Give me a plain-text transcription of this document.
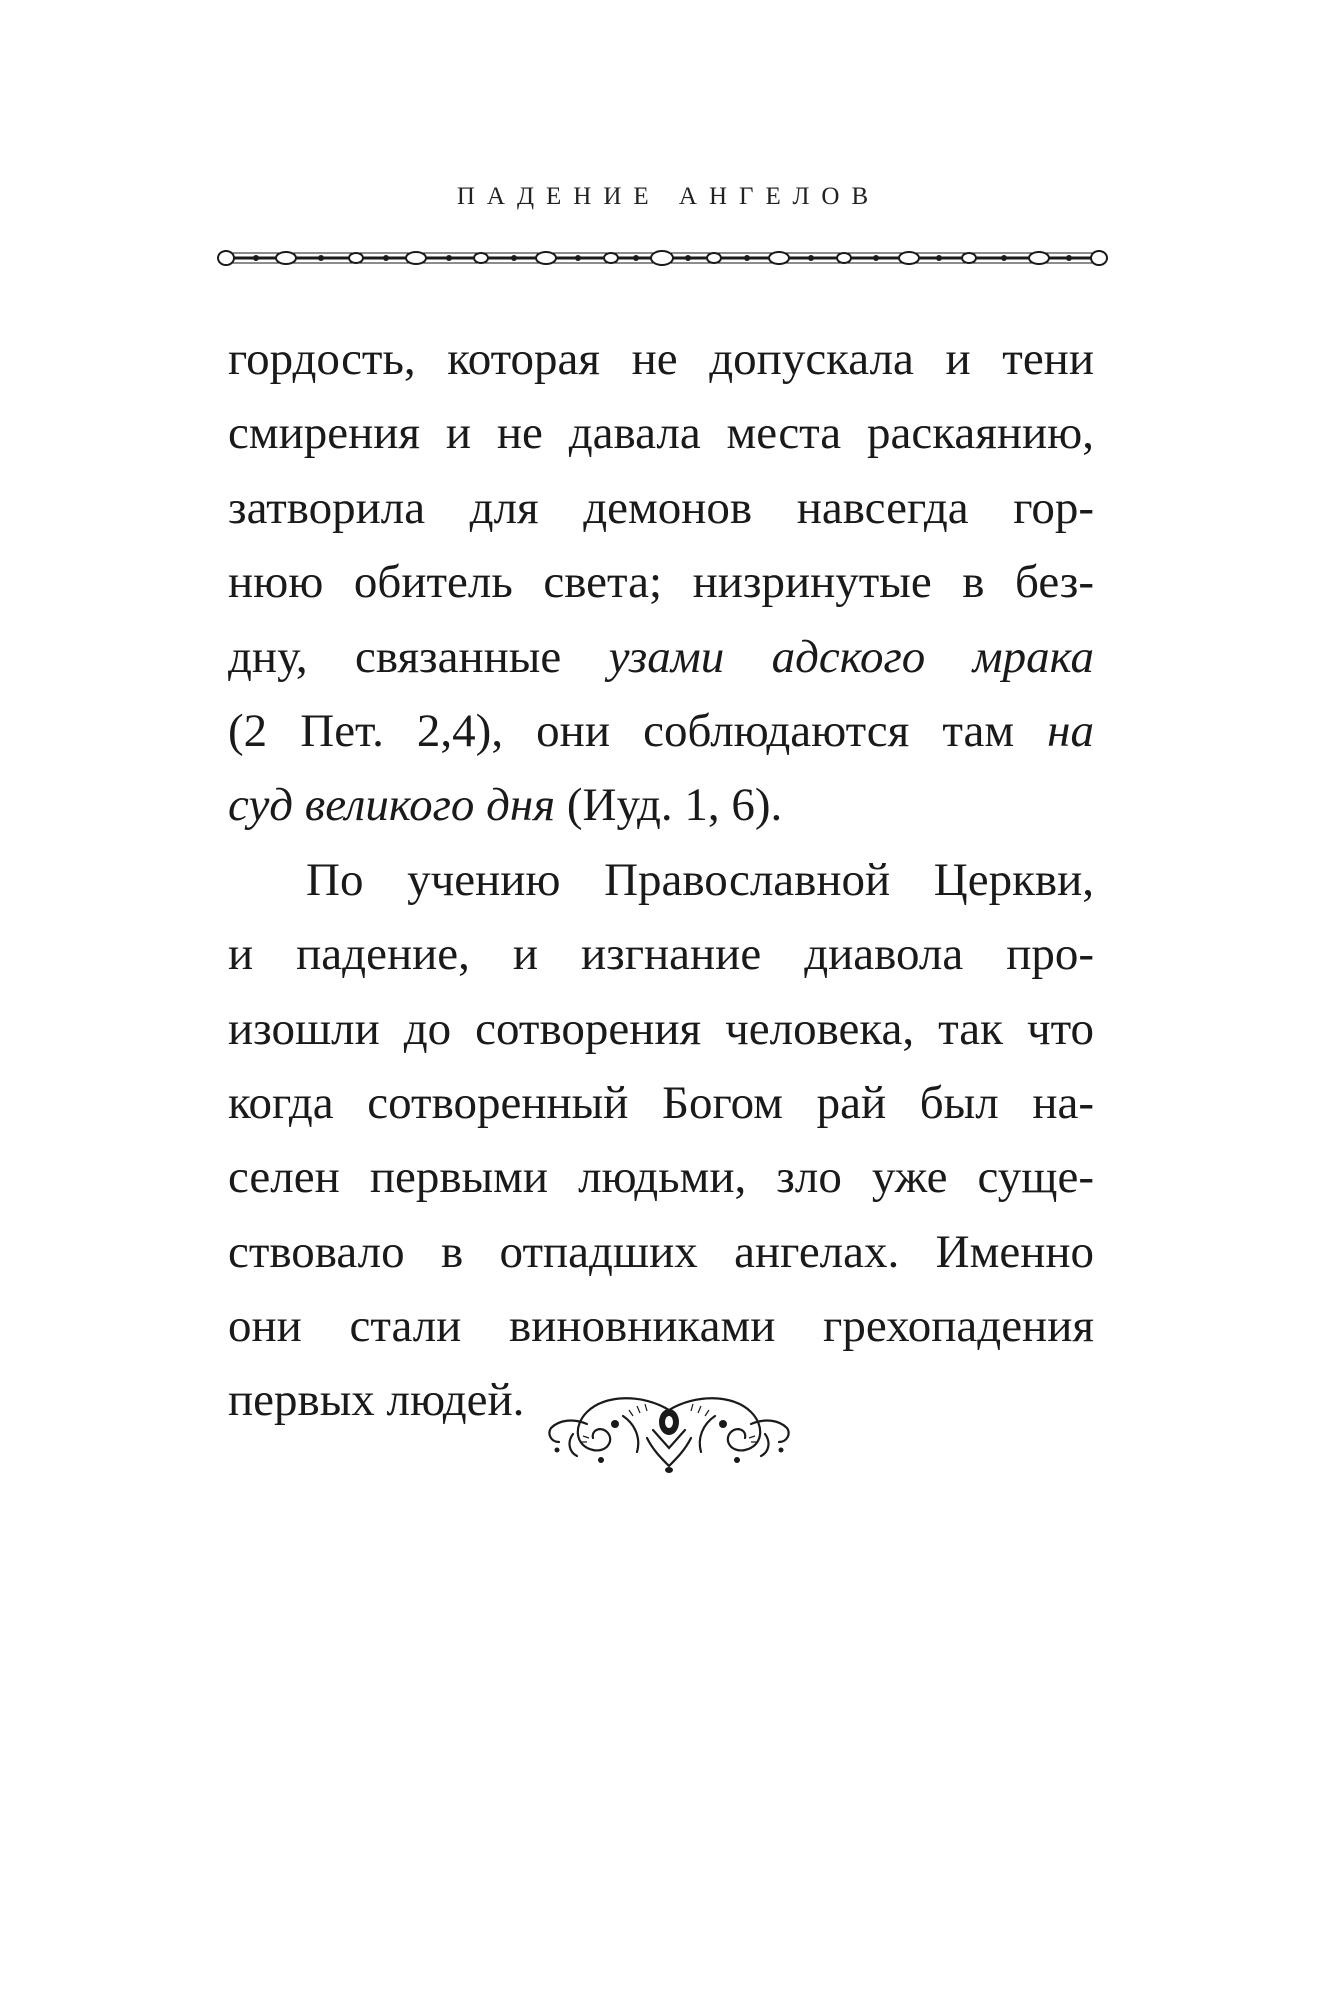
ПАДЕНИЕ АНГЕЛОВ
гордость, которая не допускала и тени
смирения и не давала места раскаянию,
затворила для демонов навсегда гор-
нюю обитель света; низринутые в без-
дну, связанные узами адского мрака
(2 Пет. 2,4), они соблюдаются там на
суд великого дня (Иуд. 1, 6).
По учению Православной Церкви,
и падение, и изгнание диавола про-
изошли до сотворения человека, так что
когда сотворенный Богом рай был на-
селен первыми людьми, зло уже суще-
ствовало в отпадших ангелах. Именно
они стали виновниками грехопадения
первых людей.
